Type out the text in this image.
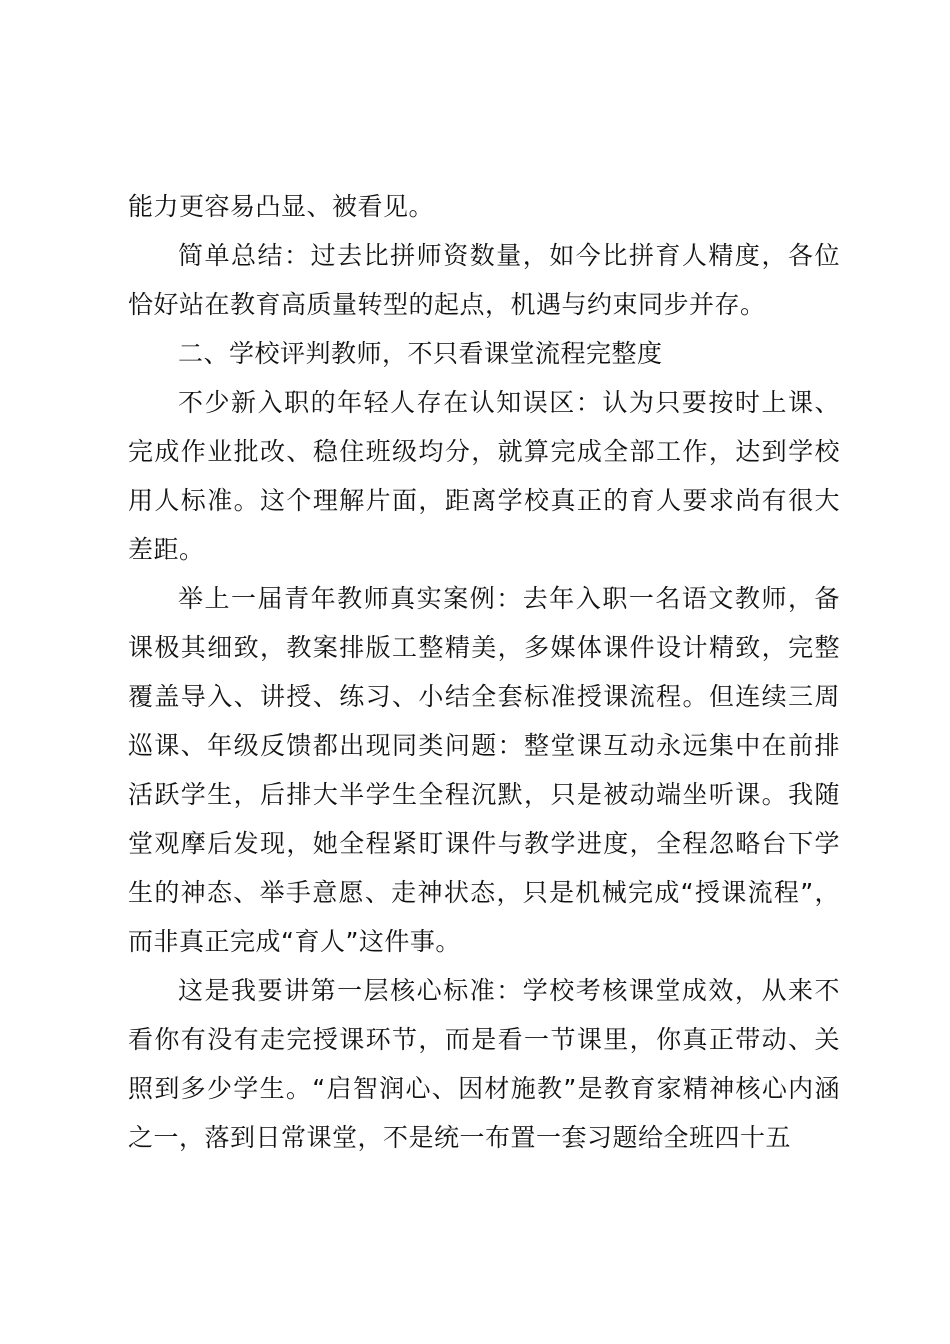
能力更容易凸显、被看见。

简单总结：过去比拼师资数量，如今比拼育人精度，各位恰好站在教育高质量转型的起点，机遇与约束同步并存。

二、学校评判教师，不只看课堂流程完整度

不少新入职的年轻人存在认知误区：认为只要按时上课、完成作业批改、稳住班级均分，就算完成全部工作，达到学校用人标准。这个理解片面，距离学校真正的育人要求尚有很大差距。

举上一届青年教师真实案例：去年入职一名语文教师，备课极其细致，教案排版工整精美，多媒体课件设计精致，完整覆盖导入、讲授、练习、小结全套标准授课流程。但连续三周巡课、年级反馈都出现同类问题：整堂课互动永远集中在前排活跃学生，后排大半学生全程沉默，只是被动端坐听课。我随堂观摩后发现，她全程紧盯课件与教学进度，全程忽略台下学生的神态、举手意愿、走神状态，只是机械完成“授课流程”，而非真正完成“育人”这件事。

这是我要讲第一层核心标准：学校考核课堂成效，从来不看你有没有走完授课环节，而是看一节课里，你真正带动、关照到多少学生。“启智润心、因材施教”是教育家精神核心内涵之一，落到日常课堂，不是统一布置一套习题给全班四十五
